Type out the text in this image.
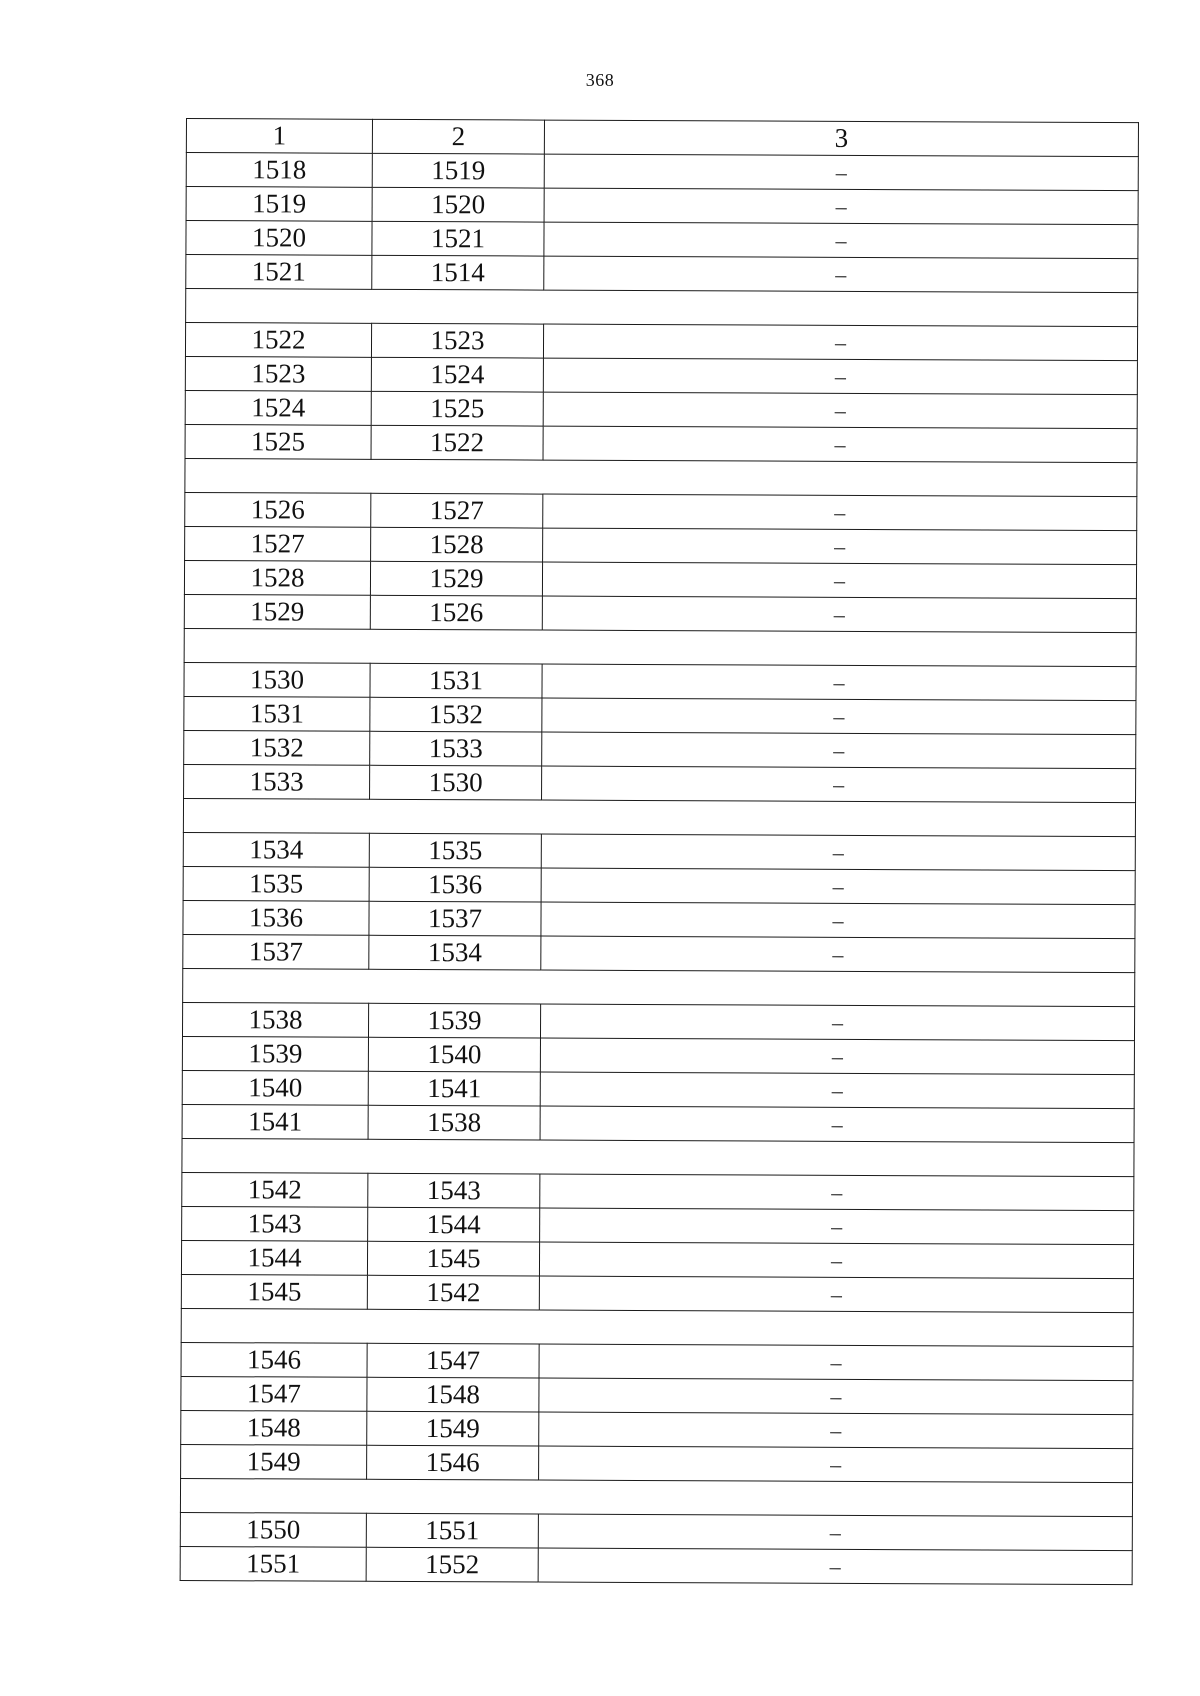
368
1	2	3
1518	1519	–
1519	1520	–
1520	1521	–
1521	1514	–

1522	1523	–
1523	1524	–
1524	1525	–
1525	1522	–

1526	1527	–
1527	1528	–
1528	1529	–
1529	1526	–

1530	1531	–
1531	1532	–
1532	1533	–
1533	1530	–

1534	1535	–
1535	1536	–
1536	1537	–
1537	1534	–

1538	1539	–
1539	1540	–
1540	1541	–
1541	1538	–

1542	1543	–
1543	1544	–
1544	1545	–
1545	1542	–

1546	1547	–
1547	1548	–
1548	1549	–
1549	1546	–

1550	1551	–
1551	1552	–
